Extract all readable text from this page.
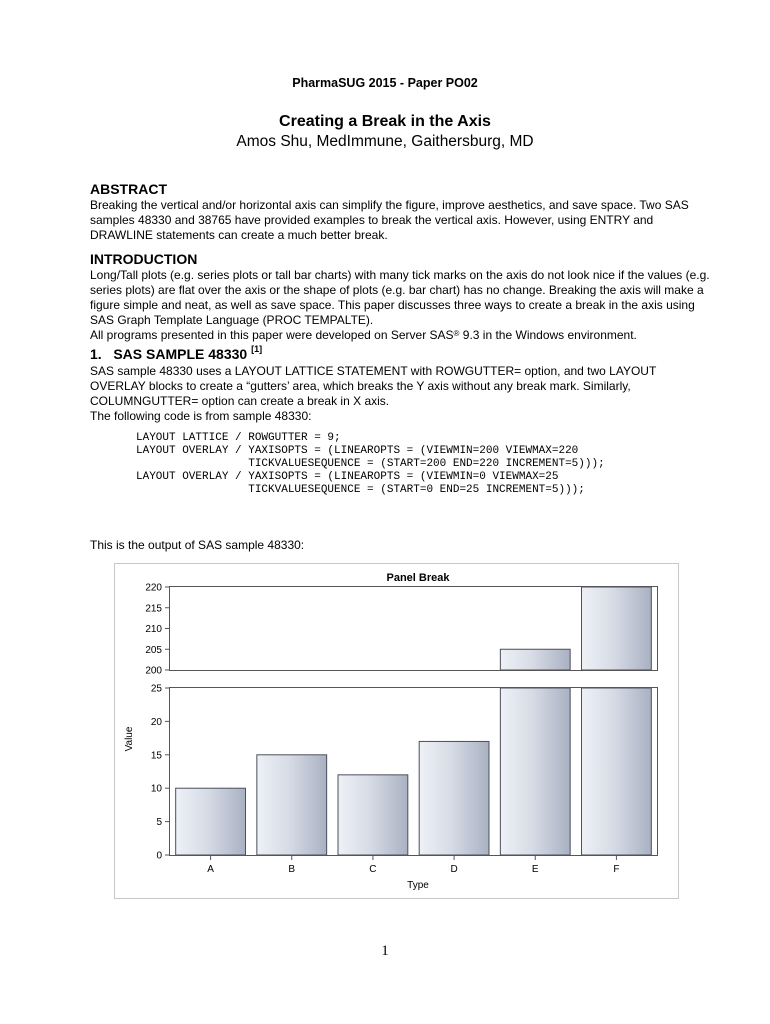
PharmaSUG 2015 - Paper PO02
Creating a Break in the Axis
Amos Shu, MedImmune, Gaithersburg, MD
ABSTRACT
Breaking the vertical and/or horizontal axis can simplify the figure, improve aesthetics, and save space. Two SAS
samples 48330 and 38765 have provided examples to break the vertical axis. However, using ENTRY and
DRAWLINE statements can create a much better break.
INTRODUCTION
Long/Tall plots (e.g. series plots or tall bar charts) with many tick marks on the axis do not look nice if the values (e.g.
series plots) are flat over the axis or the shape of plots (e.g. bar chart) has no change. Breaking the axis will make a
figure simple and neat, as well as save space. This paper discusses three ways to create a break in the axis using
SAS Graph Template Language (PROC TEMPALTE).
All programs presented in this paper were developed on Server SAS® 9.3 in the Windows environment.
1.   SAS SAMPLE 48330 [1]
SAS sample 48330 uses a LAYOUT LATTICE STATEMENT with ROWGUTTER= option, and two LAYOUT
OVERLAY blocks to create a “gutters’ area, which breaks the Y axis without any break mark. Similarly,
COLUMNGUTTER= option can create a break in X axis.
The following code is from sample 48330:
LAYOUT LATTICE / ROWGUTTER = 9;
LAYOUT OVERLAY / YAXISOPTS = (LINEAROPTS = (VIEWMIN=200 VIEWMAX=220
TICKVALUESEQUENCE = (START=200 END=220 INCREMENT=5)));
LAYOUT OVERLAY / YAXISOPTS = (LINEAROPTS = (VIEWMIN=0 VIEWMAX=25
TICKVALUESEQUENCE = (START=0 END=25 INCREMENT=5)));
This is the output of SAS sample 48330:
Panel Break
200
205
210
215
220
0
5
10
15
20
25
A	B	C	D	E	F
Type
Value
1
